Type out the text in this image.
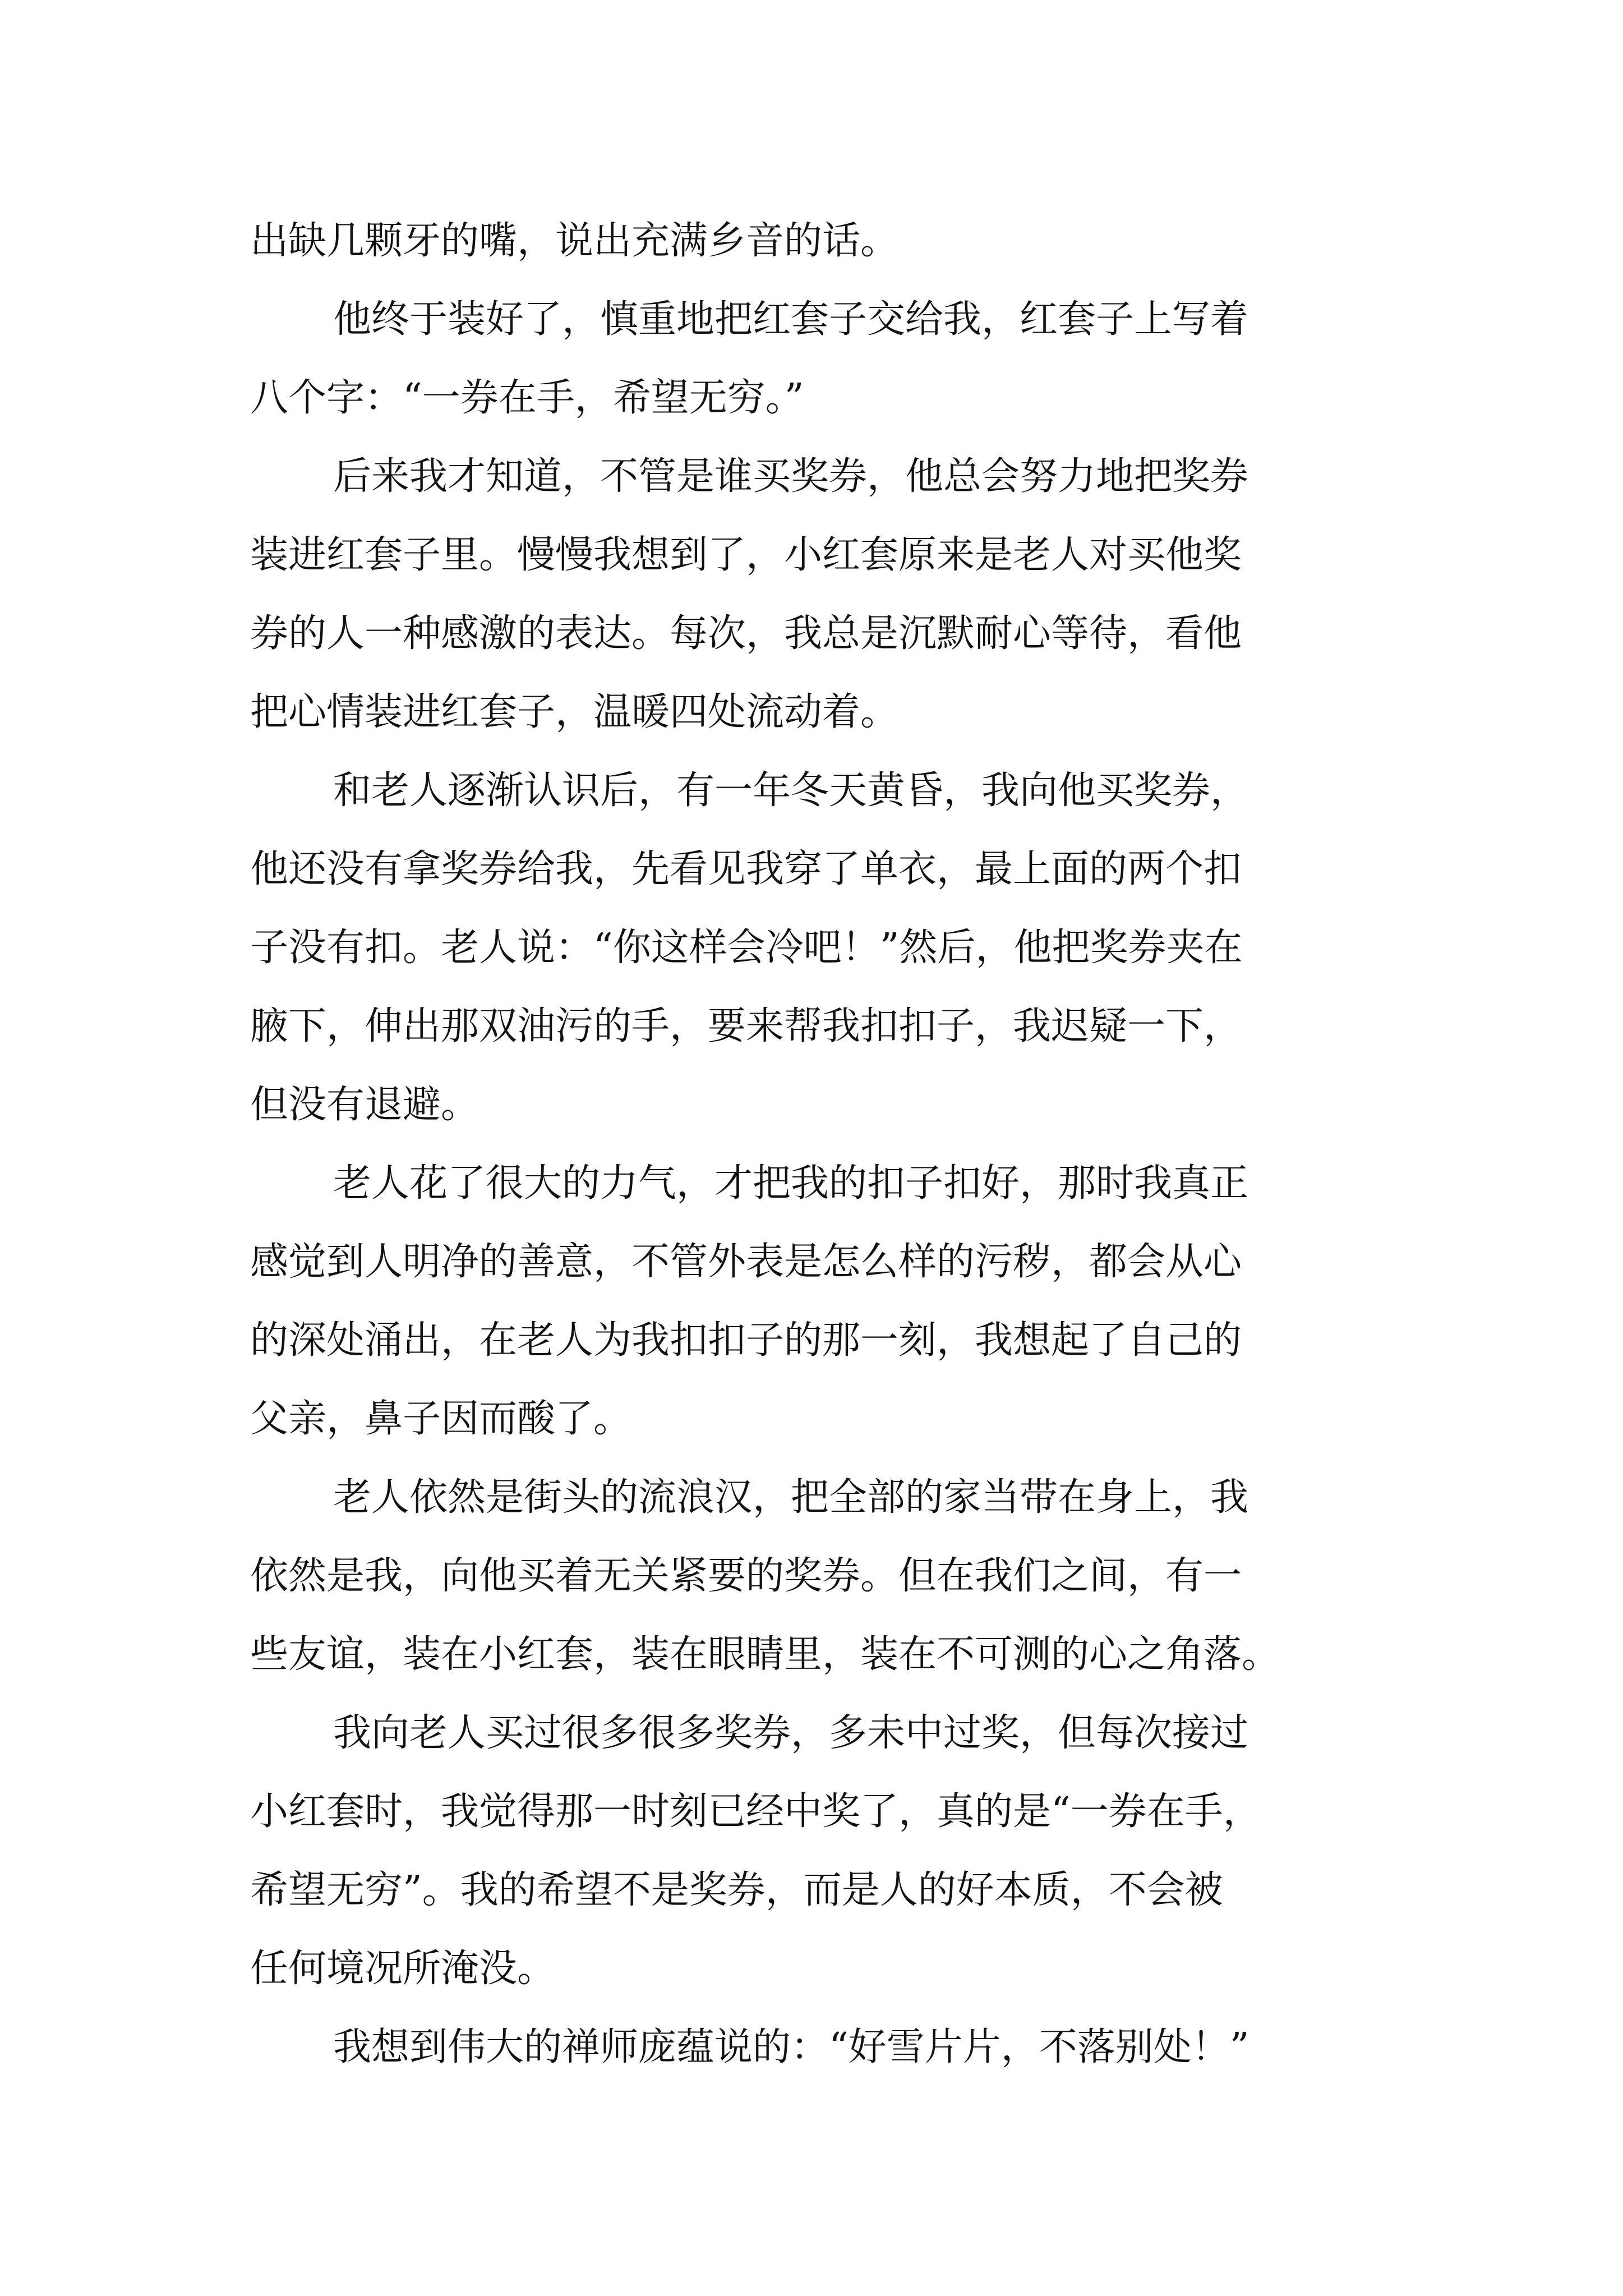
出缺几颗牙的嘴，说出充满乡音的话。

他终于装好了，慎重地把红套子交给我，红套子上写着
八个字：“一券在手，希望无穷。”

后来我才知道，不管是谁买奖券，他总会努力地把奖券
装进红套子里。慢慢我想到了，小红套原来是老人对买他奖
券的人一种感激的表达。每次，我总是沉默耐心等待，看他
把心情装进红套子，温暖四处流动着。

和老人逐渐认识后，有一年冬天黄昏，我向他买奖券，
他还没有拿奖券给我，先看见我穿了单衣，最上面的两个扣
子没有扣。老人说：“你这样会冷吧！”然后，他把奖券夹在
腋下，伸出那双油污的手，要来帮我扣扣子，我迟疑一下，
但没有退避。

老人花了很大的力气，才把我的扣子扣好，那时我真正
感觉到人明净的善意，不管外表是怎么样的污秽，都会从心
的深处涌出，在老人为我扣扣子的那一刻，我想起了自己的
父亲，鼻子因而酸了。

老人依然是街头的流浪汉，把全部的家当带在身上，我
依然是我，向他买着无关紧要的奖券。但在我们之间，有一
些友谊，装在小红套，装在眼睛里，装在不可测的心之角落。

我向老人买过很多很多奖券，多未中过奖，但每次接过
小红套时，我觉得那一时刻已经中奖了，真的是“一券在手，
希望无穷”。我的希望不是奖券，而是人的好本质，不会被
任何境况所淹没。

我想到伟大的禅师庞蕴说的：“好雪片片，不落别处！”
